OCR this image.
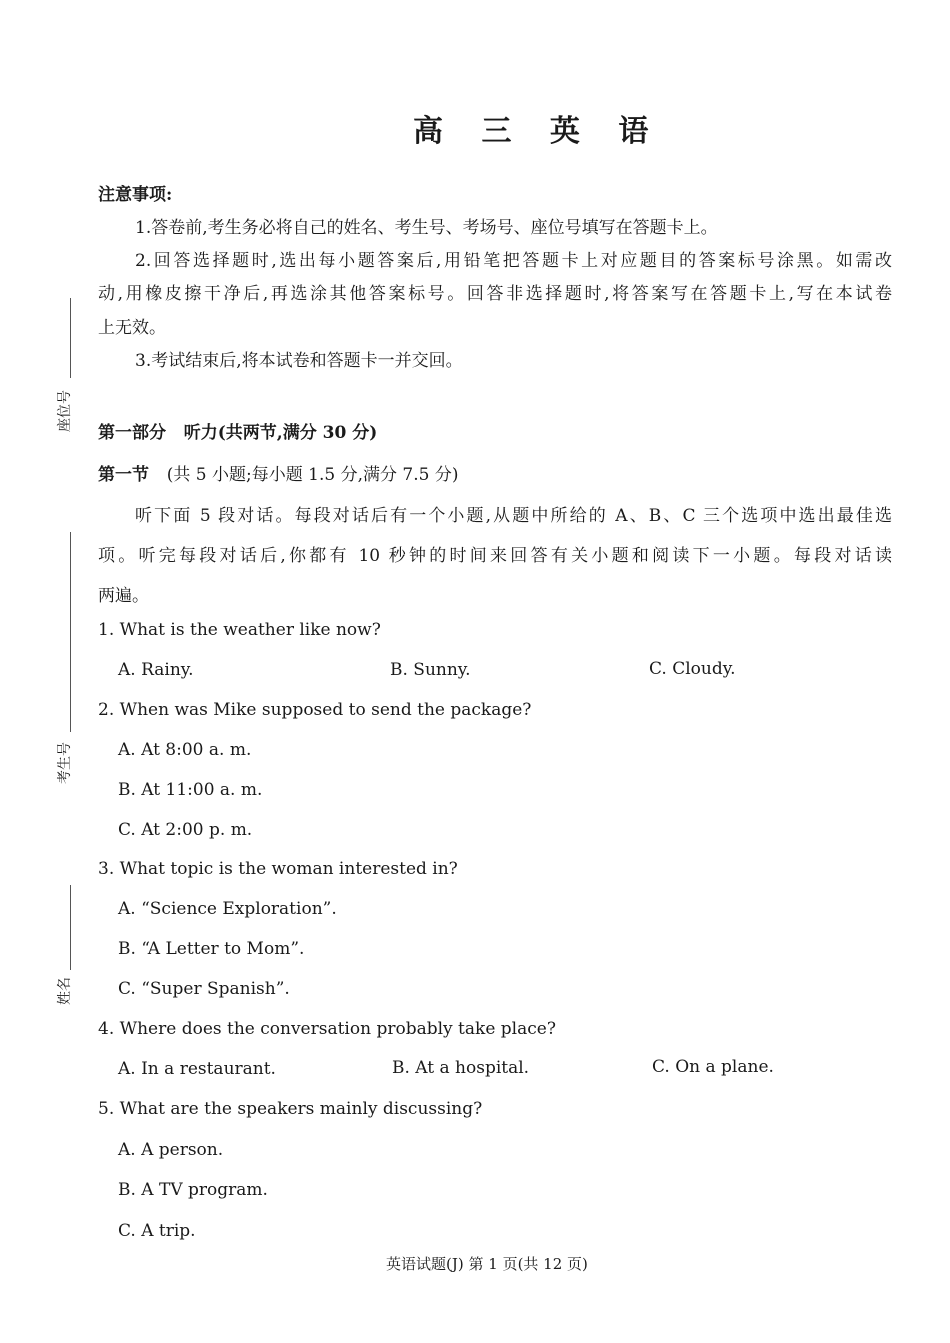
座位号
考生号
姓名
高 三 英 语
注意事项:
1.答卷前,考生务必将自己的姓名、考生号、考场号、座位号填写在答题卡上。
2.回答选择题时,选出每小题答案后,用铅笔把答题卡上对应题目的答案标号涂黑。如需改
动,用橡皮擦干净后,再选涂其他答案标号。回答非选择题时,将答案写在答题卡上,写在本试卷
上无效。
3.考试结束后,将本试卷和答题卡一并交回。
第一部分 听力(共两节,满分 30 分)
第一节 (共 5 小题;每小题 1.5 分,满分 7.5 分)
听下面 5 段对话。每段对话后有一个小题,从题中所给的 A、B、C 三个选项中选出最佳选
项。听完每段对话后,你都有 10 秒钟的时间来回答有关小题和阅读下一小题。每段对话读
两遍。
1. What is the weather like now?
A. Rainy.	B. Sunny.	C. Cloudy.
2. When was Mike supposed to send the package?
A. At 8:00 a. m.
B. At 11:00 a. m.
C. At 2:00 p. m.
3. What topic is the woman interested in?
A. “Science Exploration”.
B. “A Letter to Mom”.
C. “Super Spanish”.
4. Where does the conversation probably take place?
A. In a restaurant.	B. At a hospital.	C. On a plane.
5. What are the speakers mainly discussing?
A. A person.
B. A TV program.
C. A trip.
英语试题(J) 第 1 页(共 12 页)
